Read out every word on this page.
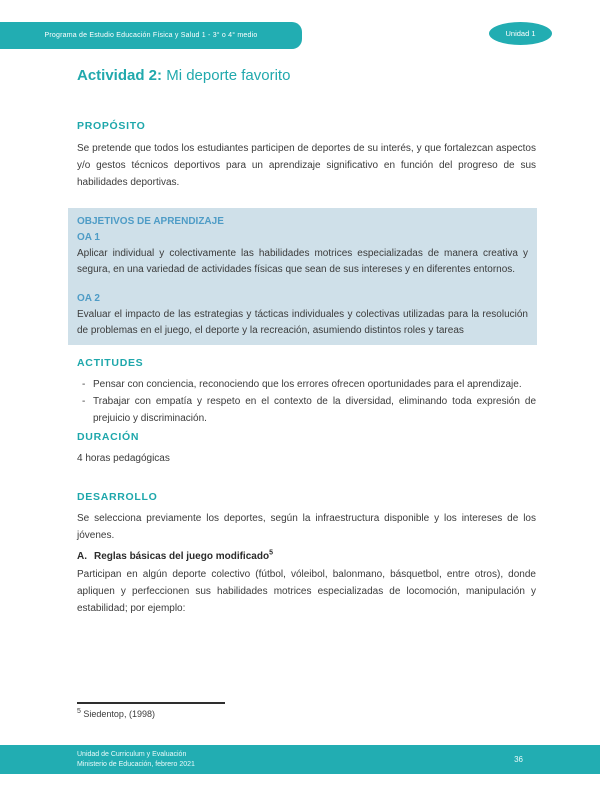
Programa de Estudio Educación Física y Salud 1 - 3° o 4° medio	Unidad 1
Actividad 2: Mi deporte favorito
PROPÓSITO

Se pretende que todos los estudiantes participen de deportes de su interés, y que fortalezcan aspectos y/o gestos técnicos deportivos para un aprendizaje significativo en función del progreso de sus habilidades deportivas.

OBJETIVOS DE APRENDIZAJE

OA 1

Aplicar individual y colectivamente las habilidades motrices especializadas de manera creativa y segura, en una variedad de actividades físicas que sean de sus intereses y en diferentes entornos.

OA 2

Evaluar el impacto de las estrategias y tácticas individuales y colectivas utilizadas para la resolución de problemas en el juego, el deporte y la recreación, asumiendo distintos roles y tareas

ACTITUDES
- Pensar con conciencia, reconociendo que los errores ofrecen oportunidades para el aprendizaje.
- Trabajar con empatía y respeto en el contexto de la diversidad, eliminando toda expresión de prejuicio y discriminación.
DURACIÓN

4 horas pedagógicas

DESARROLLO

Se selecciona previamente los deportes, según la infraestructura disponible y los intereses de los jóvenes.

A. Reglas básicas del juego modificado$^5$

Participan en algún deporte colectivo (fútbol, vóleibol, balonmano, básquetbol, entre otros), donde apliquen y perfeccionen sus habilidades motrices especializadas de locomoción, manipulación y estabilidad; por ejemplo:

$^5$ Siedentop, (1998)
Unidad de Curriculum y Evaluación
Ministerio de Educación, febrero 2021	36
